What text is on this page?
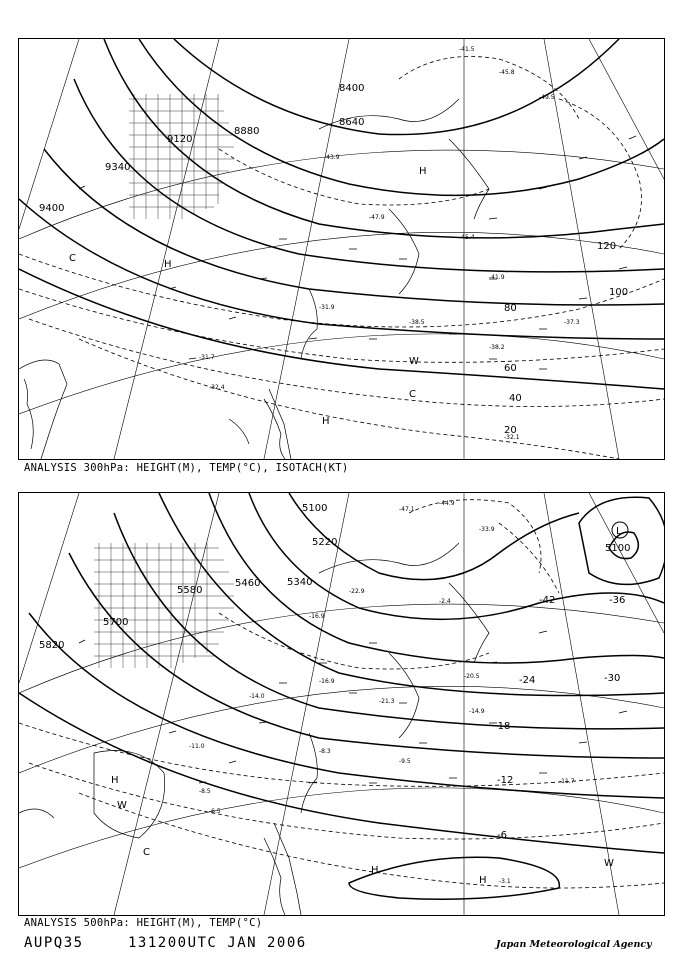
-41.5
-45.8
-49.5
-43.9
-47.9
-45.4
-41.9
-31.9
-38.5
-31.7
-38.2
-37.3
-32.4
-32.1
8400
8640
8880
9120
9340
9400
20
40
60
80
100
120
H
H
C
W
C
H
ANALYSIS 300hPa: HEIGHT(M), TEMP(°C), ISOTACH(KT)
-47.1
-44.9
-33.9
-22.9
-16.9
-2.4
-20.5
-16.9
-21.3
-14.0
-11.0
-8.3
-9.5
-14.9
-11.7
-8.5
-3.1
-6.5
5100
5220
5340
5460
5580
5700
5820
5100
-42	-36
-30
-24
-18
-12
-6
L
H
W
C
H
H
W
ANALYSIS 500hPa: HEIGHT(M), TEMP(°C)
AUPQ35	131200UTC JAN 2006	Japan Meteorological Agency
